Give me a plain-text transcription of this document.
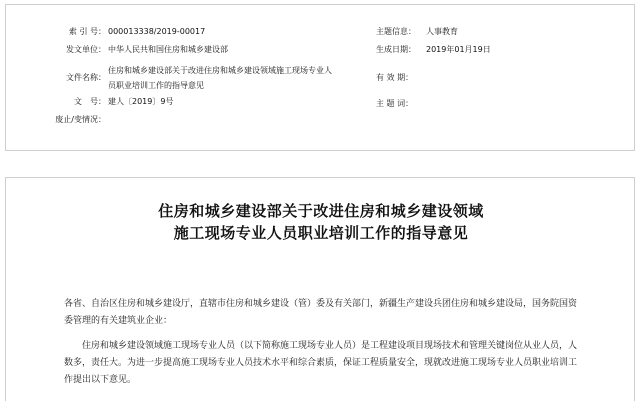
索 引 号： 000013338/2019-00017
发文单位： 中华人民共和国住房和城乡建设部
文件名称：
住房和城乡建设部关于改进住房和城乡建设领域施工现场专业人员职业培训工作的指导意见
文　号： 建人〔2019〕9号
废止/变情况：
主题信息： 人事教育
生成日期： 2019年01月19日
有 效 期：
主 题 词：
住房和城乡建设部关于改进住房和城乡建设领域
施工现场专业人员职业培训工作的指导意见
各省、自治区住房和城乡建设厅，直辖市住房和城乡建设（管）委及有关部门，新疆生产建设兵团住房和城乡建设局，国务院国资委管理的有关建筑业企业：
住房和城乡建设领域施工现场专业人员（以下简称施工现场专业人员）是工程建设项目现场技术和管理关键岗位从业人员，人数多，责任大。为进一步提高施工现场专业人员技术水平和综合素质，保证工程质量安全，现就改进施工现场专业人员职业培训工作提出以下意见。
